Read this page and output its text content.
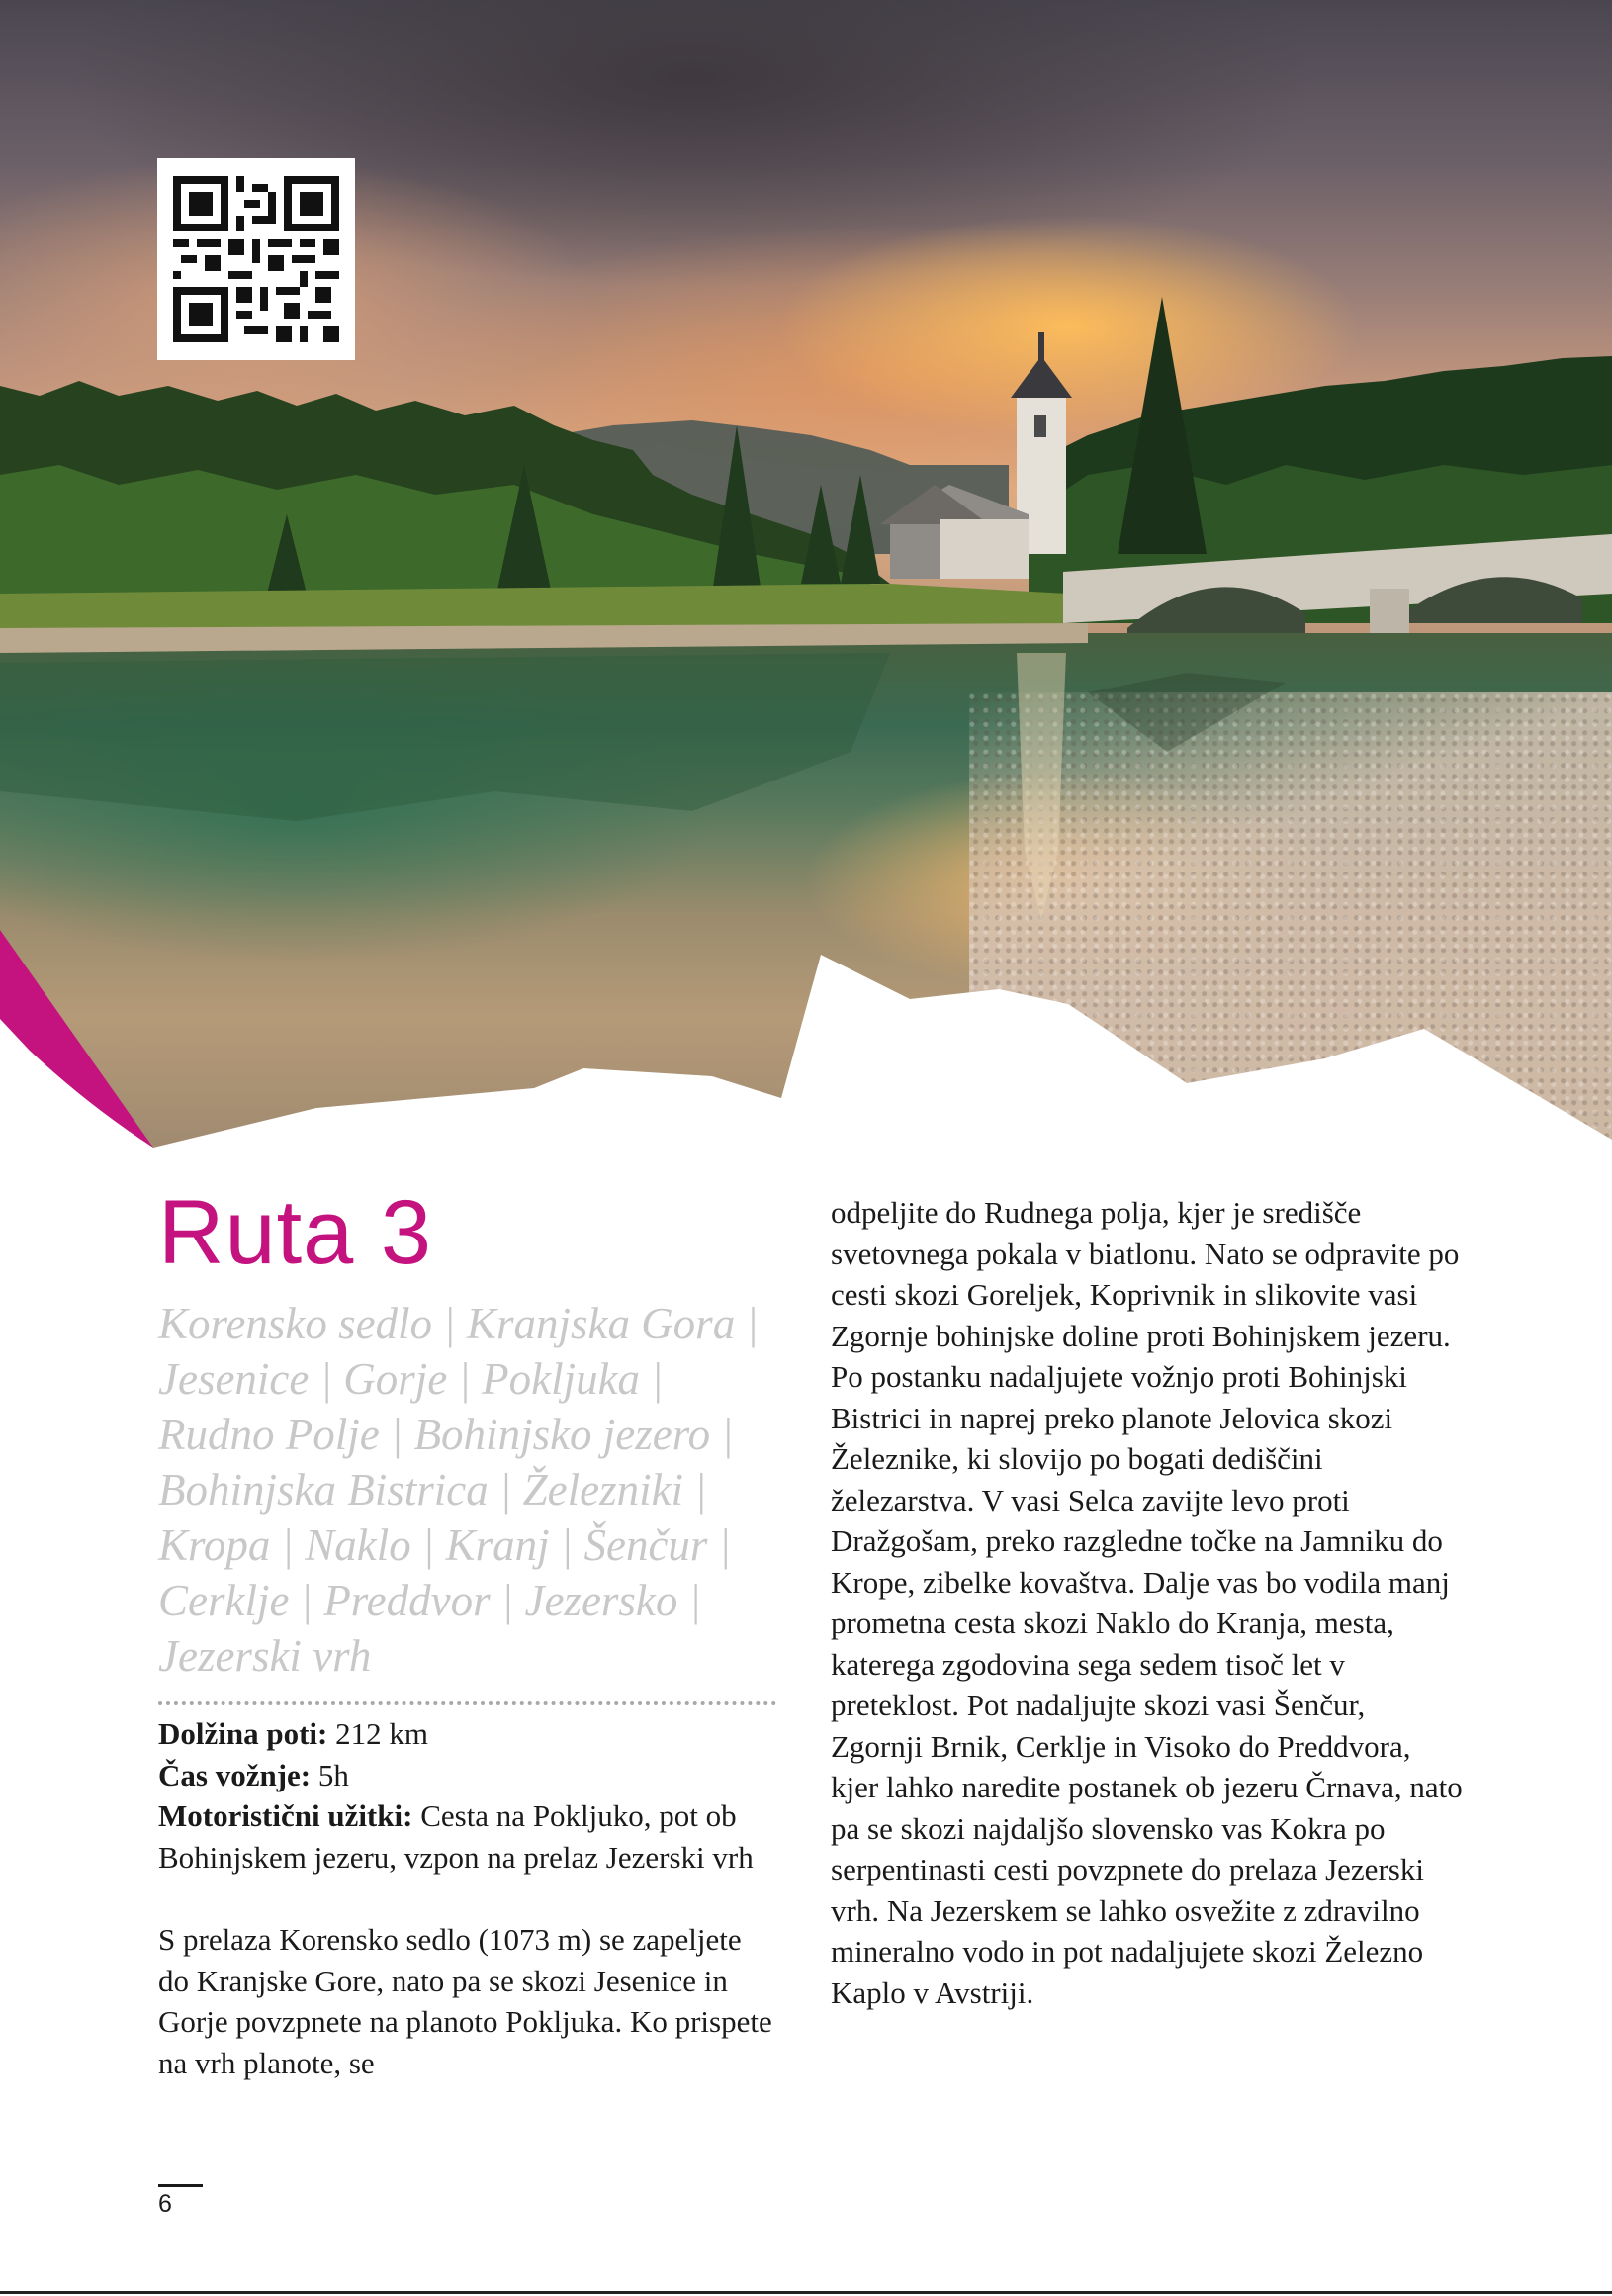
Ruta 3

Korensko sedlo | Kranjska Gora | Jesenice | Gorje | Pokljuka | Rudno Polje | Bohinjsko jezero | Bohinjska Bistrica | Železniki | Kropa | Naklo | Kranj | Šenčur | Cerklje | Preddvor | Jezersko | Jezerski vrh

Dolžina poti: 212 km
Čas vožnje: 5h
Motoristični užitki: Cesta na Pokljuko, pot ob Bohinjskem jezeru, vzpon na prelaz Jezerski vrh

S prelaza Korensko sedlo (1073 m) se zapeljete do Kranjske Gore, nato pa se skozi Jesenice in Gorje povzpnete na planoto Pokljuka. Ko prispete na vrh planote, se

odpeljite do Rudnega polja, kjer je središče svetovnega pokala v biatlonu. Nato se odpravite po cesti skozi Goreljek, Koprivnik in slikovite vasi Zgornje bohinjske doline proti Bohinjskem jezeru. Po postanku nadaljujete vožnjo proti Bohinjski Bistrici in naprej preko planote Jelovica skozi Železnike, ki slovijo po bogati dediščini železarstva. V vasi Selca zavijte levo proti Dražgošam, preko razgledne točke na Jamniku do Krope, zibelke kovaštva. Dalje vas bo vodila manj prometna cesta skozi Naklo do Kranja, mesta, katerega zgodovina sega sedem tisoč let v preteklost. Pot nadaljujte skozi vasi Šenčur, Zgornji Brnik, Cerklje in Visoko do Preddvora, kjer lahko naredite postanek ob jezeru Črnava, nato pa se skozi najdaljšo slovensko vas Kokra po serpentinasti cesti povzpnete do prelaza Jezerski vrh. Na Jezerskem se lahko osvežite z zdravilno mineralno vodo in pot nadaljujete skozi Železno Kaplo v Avstriji.

6
